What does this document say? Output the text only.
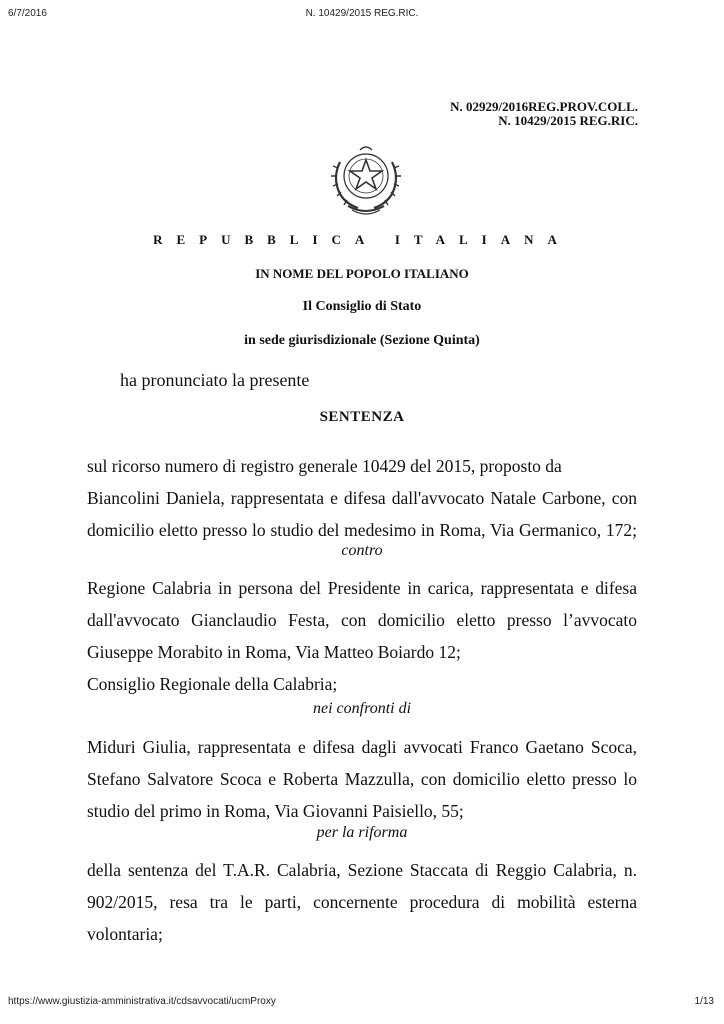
6/7/2016	N. 10429/2015 REG.RIC.
N. 02929/2016REG.PROV.COLL.
N. 10429/2015 REG.RIC.
REPUBBLICA ITALIANA
IN NOME DEL POPOLO ITALIANO
Il Consiglio di Stato
in sede giurisdizionale (Sezione Quinta)
ha pronunciato la presente
SENTENZA
sul ricorso numero di registro generale 10429 del 2015, proposto da
Biancolini Daniela, rappresentata e difesa dall'avvocato Natale Carbone, con
domicilio eletto presso lo studio del medesimo in Roma, Via Germanico, 172;
contro
Regione Calabria in persona del Presidente in carica, rappresentata e difesa
dall'avvocato Gianclaudio Festa, con domicilio eletto presso l’avvocato
Giuseppe Morabito in Roma, Via Matteo Boiardo 12;
Consiglio Regionale della Calabria;
nei confronti di
Miduri Giulia, rappresentata e difesa dagli avvocati Franco Gaetano Scoca,
Stefano Salvatore Scoca e Roberta Mazzulla, con domicilio eletto presso lo
studio del primo in Roma, Via Giovanni Paisiello, 55;
per la riforma
della sentenza del T.A.R. Calabria, Sezione Staccata di Reggio Calabria, n.
902/2015, resa tra le parti, concernente procedura di mobilità esterna
volontaria;
https://www.giustizia-amministrativa.it/cdsavvocati/ucmProxy	1/13
